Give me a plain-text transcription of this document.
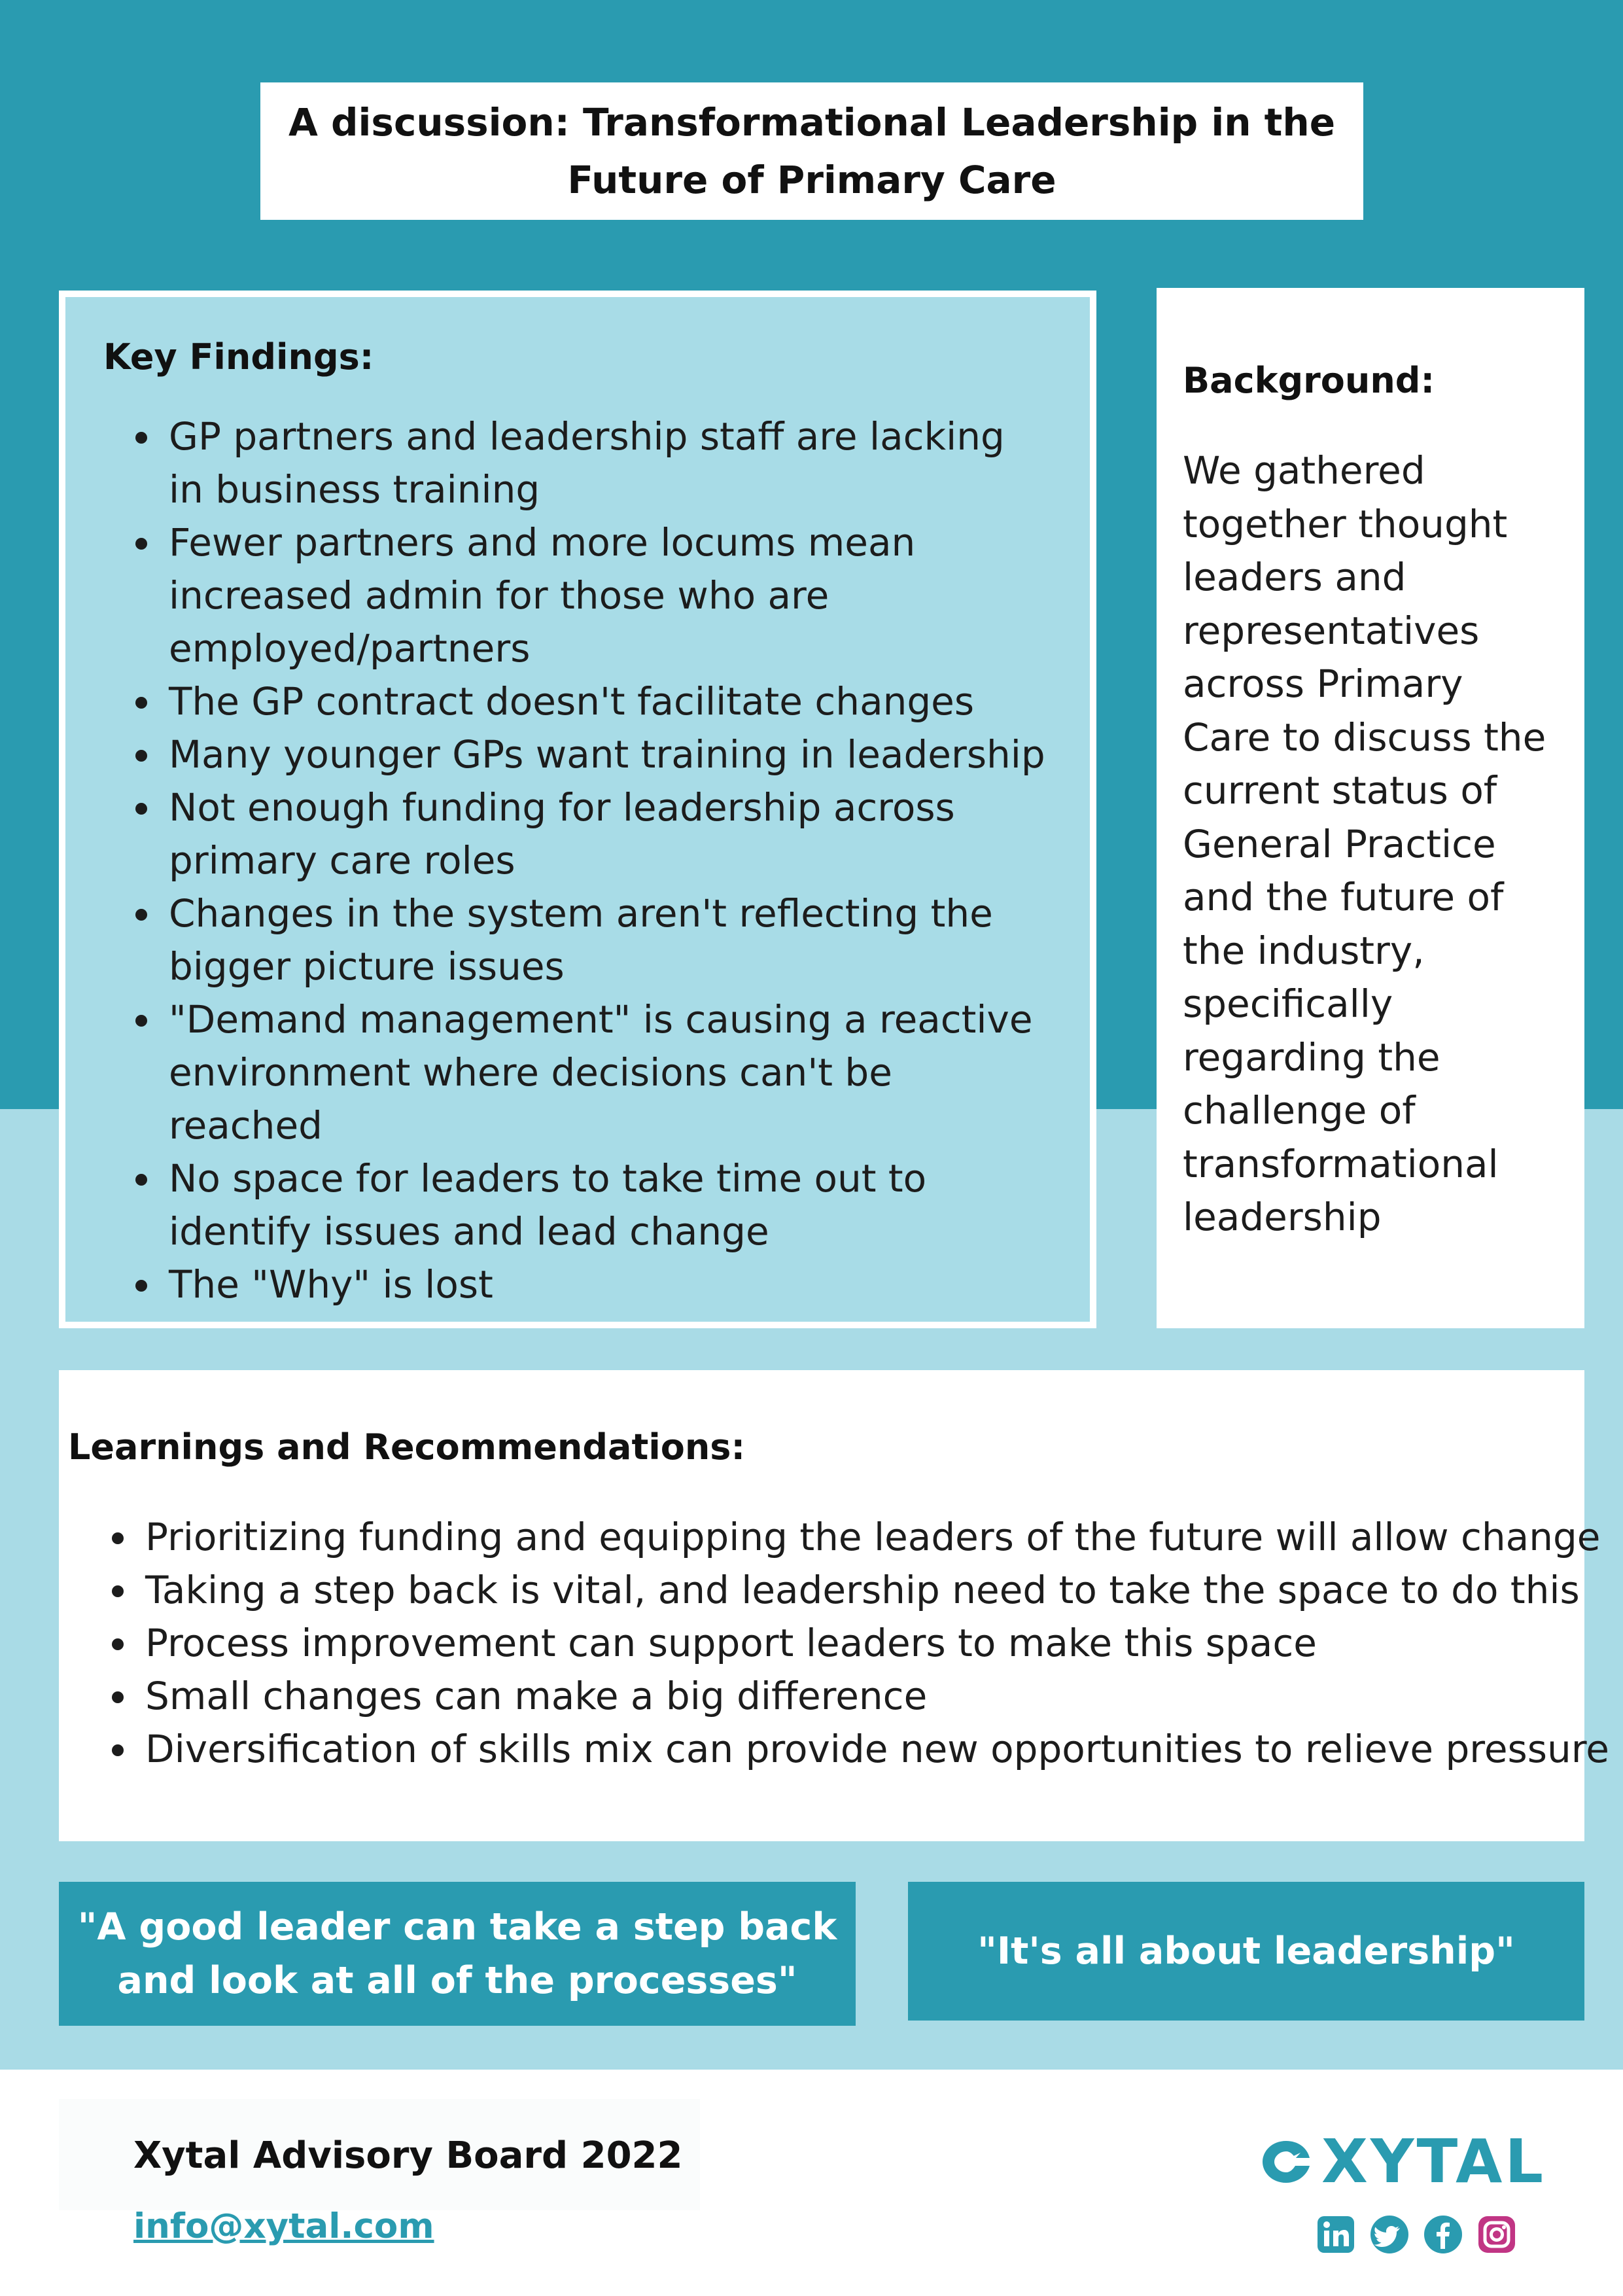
A discussion: Transformational Leadership in the
Future of Primary Care
Key Findings:
• GP partners and leadership staff are lacking in business training
• Fewer partners and more locums mean increased admin for those who are employed/partners
• The GP contract doesn't facilitate changes
• Many younger GPs want training in leadership
• Not enough funding for leadership across primary care roles
• Changes in the system aren't reflecting the bigger picture issues
• "Demand management" is causing a reactive environment where decisions can't be reached
• No space for leaders to take time out to identify issues and lead change
• The "Why" is lost
Background:

We gathered together thought leaders and representatives across Primary Care to discuss the current status of General Practice and the future of the industry, specifically regarding the challenge of transformational leadership

Learnings and Recommendations:
• Prioritizing funding and equipping the leaders of the future will allow change
• Taking a step back is vital, and leadership need to take the space to do this
• Process improvement can support leaders to make this space
• Small changes can make a big difference
• Diversification of skills mix can provide new opportunities to relieve pressure
"A good leader can take a step back and look at all of the processes"
"It's all about leadership"
Xytal Advisory Board 2022
info@xytal.com
XYTAL
